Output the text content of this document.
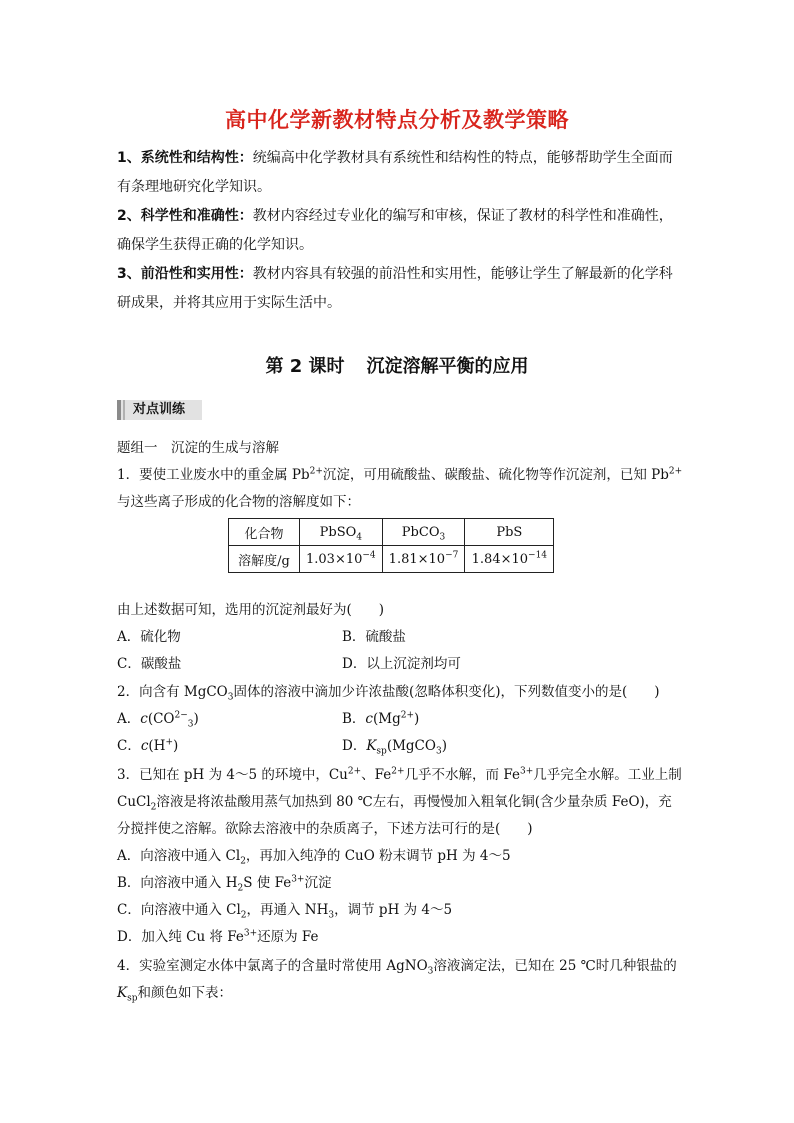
高中化学新教材特点分析及教学策略

1、系统性和结构性：统编高中化学教材具有系统性和结构性的特点，能够帮助学生全面而有条理地研究化学知识。

2、科学性和准确性：教材内容经过专业化的编写和审核，保证了教材的科学性和准确性，确保学生获得正确的化学知识。

3、前沿性和实用性：教材内容具有较强的前沿性和实用性，能够让学生了解最新的化学科研成果，并将其应用于实际生活中。

第 2 课时 沉淀溶解平衡的应用
对点训练
题组一　沉淀的生成与溶解
1．要使工业废水中的重金属 $Pb^{2+}$沉淀，可用硫酸盐、碳酸盐、硫化物等作沉淀剂，已知 $Pb^{2+}$
与这些离子形成的化合物的溶解度如下：
化合物	PbSO$_4$	PbCO$_3$	PbS
溶解度/g	$1.03\times 10^{-4}$	$1.81\times 10^{-7}$	$1.84\times 10^{-14}$
由上述数据可知，选用的沉淀剂最好为(　　)
A．硫化物	B．硫酸盐
C．碳酸盐	D．以上沉淀剂均可
2．向含有 MgCO$_3$固体的溶液中滴加少许浓盐酸(忽略体积变化)，下列数值变小的是(　　)
A．$c(CO^{2-}_3)$	B．$c(Mg^{2+})$
C．c(H+)	D．$K_{sp}(MgCO_3)$
3．已知在 pH 为 4～5 的环境中，$Cu^{2+}$、$Fe^{2+}$几乎不水解，而 $Fe^{3+}$几乎完全水解。工业上制
CuCl$_2$溶液是将浓盐酸用蒸气加热到 80 ℃左右，再慢慢加入粗氧化铜(含少量杂质 FeO)，充
分搅拌使之溶解。欲除去溶液中的杂质离子，下述方法可行的是(　　)
A．向溶液中通入 $Cl_2$，再加入纯净的 CuO 粉末调节 pH 为 4～5
B．向溶液中通入 $H_2S$ 使 $Fe^{3+}$沉淀
C．向溶液中通入 $Cl_2$，再通入 $NH_3$，调节 pH 为 4～5
D．加入纯 Cu 将 $Fe^{3+}$还原为 Fe
4．实验室测定水体中氯离子的含量时常使用 AgNO$_3$溶液滴定法，已知在 25 ℃时几种银盐的
$K_{sp}$和颜色如下表：
